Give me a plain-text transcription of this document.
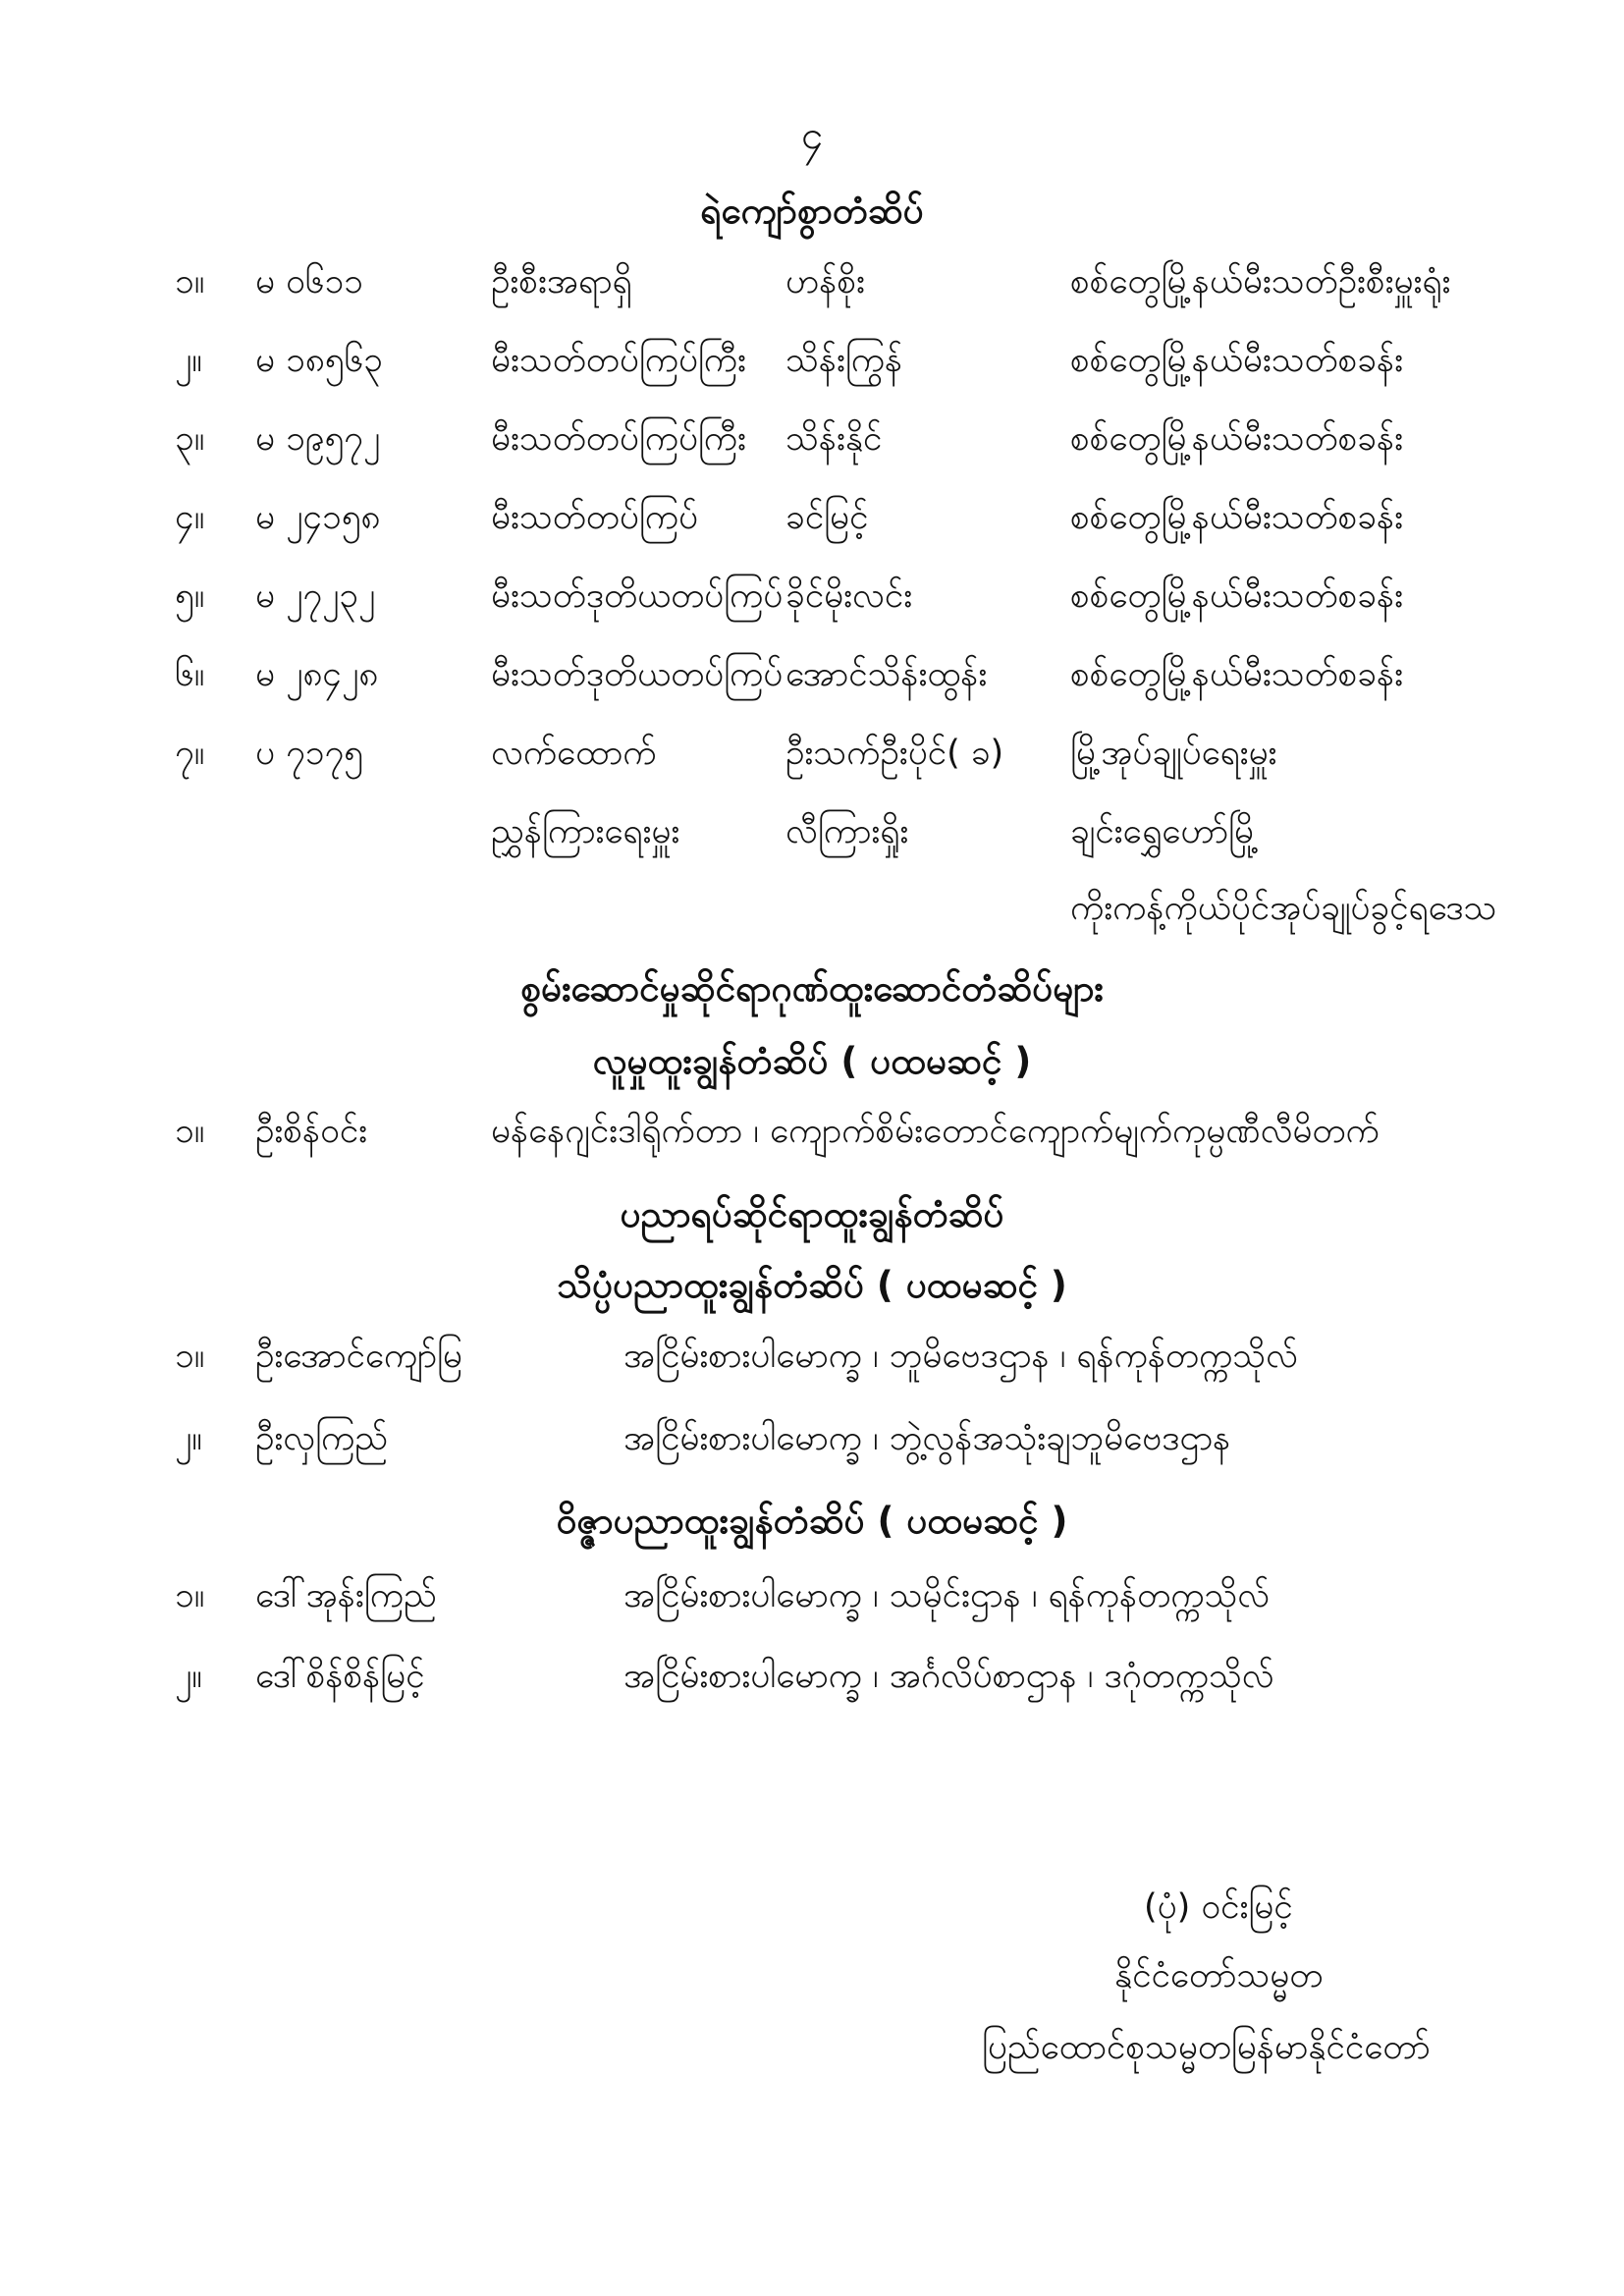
၄
ရဲကျော်စွာတံဆိပ်
၁။ မ ၀၆၁၁	ဦးစီးအရာရှိ	ဟန်စိုး	စစ်တွေမြို့နယ်မီးသတ်ဦးစီးမှူးရုံး
၂။ မ ၁၈၅၆၃	မီးသတ်တပ်ကြပ်ကြီး သိန်းကြွန်	စစ်တွေမြို့နယ်မီးသတ်စခန်း
၃။ မ ၁၉၅၇၂	မီးသတ်တပ်ကြပ်ကြီး သိန်းနိုင်	စစ်တွေမြို့နယ်မီးသတ်စခန်း
၄။ မ ၂၄၁၅၈	မီးသတ်တပ်ကြပ်	ခင်မြင့်	စစ်တွေမြို့နယ်မီးသတ်စခန်း
၅။ မ ၂၇၂၃၂	မီးသတ်ဒုတိယတပ်ကြပ် ခိုင်မိုးလင်း	စစ်တွေမြို့နယ်မီးသတ်စခန်း
၆။ မ ၂၈၄၂၈	မီးသတ်ဒုတိယတပ်ကြပ် အောင်သိန်းထွန်း စစ်တွေမြို့နယ်မီးသတ်စခန်း
၇။ ပ ၇၁၇၅	လက်ထောက်	ဦးသက်ဦးပိုင်( ခ) မြို့အုပ်ချုပ်ရေးမှူး
ညွှန်ကြားရေးမှူး	လီကြားရှိုး	ချင်းရွှေဟော်မြို့
ကိုးကန့်ကိုယ်ပိုင်အုပ်ချုပ်ခွင့်ရဒေသ
စွမ်းဆောင်မှုဆိုင်ရာဂုဏ်ထူးဆောင်တံဆိပ်များ
လူမှုထူးချွန်တံဆိပ် ( ပထမဆင့် )
၁။ ဦးစိန်ဝင်း	မန်နေဂျင်းဒါရိုက်တာ ၊ ကျောက်စိမ်းတောင်ကျောက်မျက်ကုမ္ပဏီလီမိတက်
ပညာရပ်ဆိုင်ရာထူးချွန်တံဆိပ်
သိပ္ပံပညာထူးချွန်တံဆိပ် ( ပထမဆင့် )
၁။ ဦးအောင်ကျော်မြ	အငြိမ်းစားပါမောက္ခ ၊ ဘူမိဗေဒဌာန ၊ ရန်ကုန်တက္ကသိုလ်
၂။ ဦးလှကြည်	အငြိမ်းစားပါမောက္ခ ၊ ဘွဲ့လွန်အသုံးချဘူမိဗေဒဌာန
ဝိဇ္ဇာပညာထူးချွန်တံဆိပ် ( ပထမဆင့် )
၁။ ဒေါ်အုန်းကြည်	အငြိမ်းစားပါမောက္ခ ၊ သမိုင်းဌာန ၊ ရန်ကုန်တက္ကသိုလ်
၂။ ဒေါ်စိန်စိန်မြင့်	အငြိမ်းစားပါမောက္ခ ၊ အင်္ဂလိပ်စာဌာန ၊ ဒဂုံတက္ကသိုလ်
(ပုံ) ဝင်းမြင့်
နိုင်ငံတော်သမ္မတ
ပြည်ထောင်စုသမ္မတမြန်မာနိုင်ငံတော်
